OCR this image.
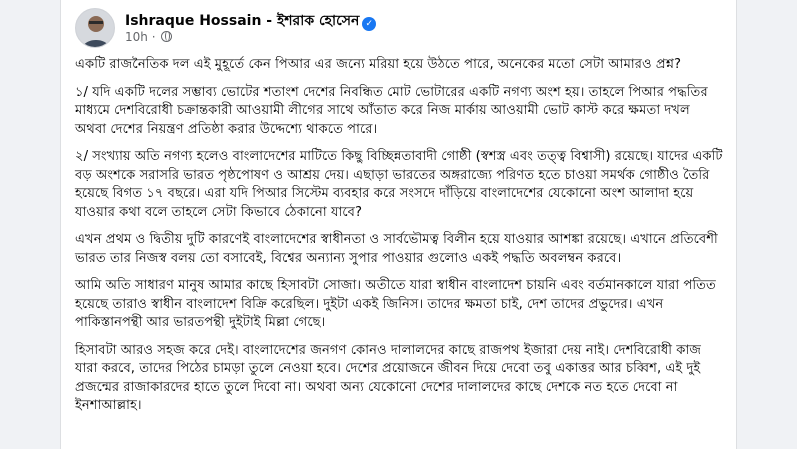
Ishraque Hossain - ইশরাক হোসেন ✓
10h ·

একটি রাজনৈতিক দল এই মুহূর্তে কেন পিআর এর জন্যে মরিয়া হয়ে উঠতে পারে, অনেকের মতো সেটা আমারও প্রশ্ন?

১/ যদি একটি দলের সম্ভাব্য ভোটের শতাংশ দেশের নিবন্ধিত মোট ভোটারের একটি নগণ্য অংশ হয়। তাহলে পিআর পদ্ধতির মাধ্যমে দেশবিরোধী চক্রান্তকারী আওয়ামী লীগের সাথে আঁতাত করে নিজ মার্কায় আওয়ামী ভোট কাস্ট করে ক্ষমতা দখল অথবা দেশের নিয়ন্ত্রণ প্রতিষ্ঠা করার উদ্দেশ্যে থাকতে পারে।

২/ সংখ্যায় অতি নগণ্য হলেও বাংলাদেশের মাটিতে কিছু বিচ্ছিন্নতাবাদী গোষ্ঠী (স্বশস্ত্র এবং তত্ত্ব বিশ্বাসী) রয়েছে। যাদের একটি বড় অংশকে সরাসরি ভারত পৃষ্ঠপোষণ ও আশ্রয় দেয়। এছাড়া ভারতের অঙ্গরাজ্যে পরিণত হতে চাওয়া সমর্থক গোষ্ঠীও তৈরি হয়েছে বিগত ১৭ বছরে। এরা যদি পিআর সিস্টেম ব্যবহার করে সংসদে দাঁড়িয়ে বাংলাদেশের যেকোনো অংশ আলাদা হয়ে যাওয়ার কথা বলে তাহলে সেটা কিভাবে ঠেকানো যাবে?

এখন প্রথম ও দ্বিতীয় দুটি কারণেই বাংলাদেশের স্বাধীনতা ও সার্বভৌমত্ব বিলীন হয়ে যাওয়ার আশঙ্কা রয়েছে। এখানে প্রতিবেশী ভারত তার নিজস্ব বলয় তো বসাবেই, বিশ্বের অন্যান্য সুপার পাওয়ার গুলোও একই পদ্ধতি অবলম্বন করবে।

আমি অতি সাধারণ মানুষ আমার কাছে হিসাবটা সোজা। অতীতে যারা স্বাধীন বাংলাদেশ চায়নি এবং বর্তমানকালে যারা পতিত হয়েছে তারাও স্বাধীন বাংলাদেশ বিক্রি করেছিল। দুইটা একই জিনিস। তাদের ক্ষমতা চাই, দেশ তাদের প্রভুদের। এখন পাকিস্তানপন্থী আর ভারতপন্থী দুইটাই মিল্লা গেছে।

হিসাবটা আরও সহজ করে দেই। বাংলাদেশের জনগণ কোনও দালালদের কাছে রাজপথ ইজারা দেয় নাই। দেশবিরোধী কাজ যারা করবে, তাদের পিঠের চামড়া তুলে নেওয়া হবে। দেশের প্রয়োজনে জীবন দিয়ে দেবো তবু একাত্তর আর চব্বিশ, এই দুই প্রজন্মের রাজাকারদের হাতে তুলে দিবো না। অথবা অন্য যেকোনো দেশের দালালদের কাছে দেশকে নত হতে দেবো না ইনশাআল্লাহ।
